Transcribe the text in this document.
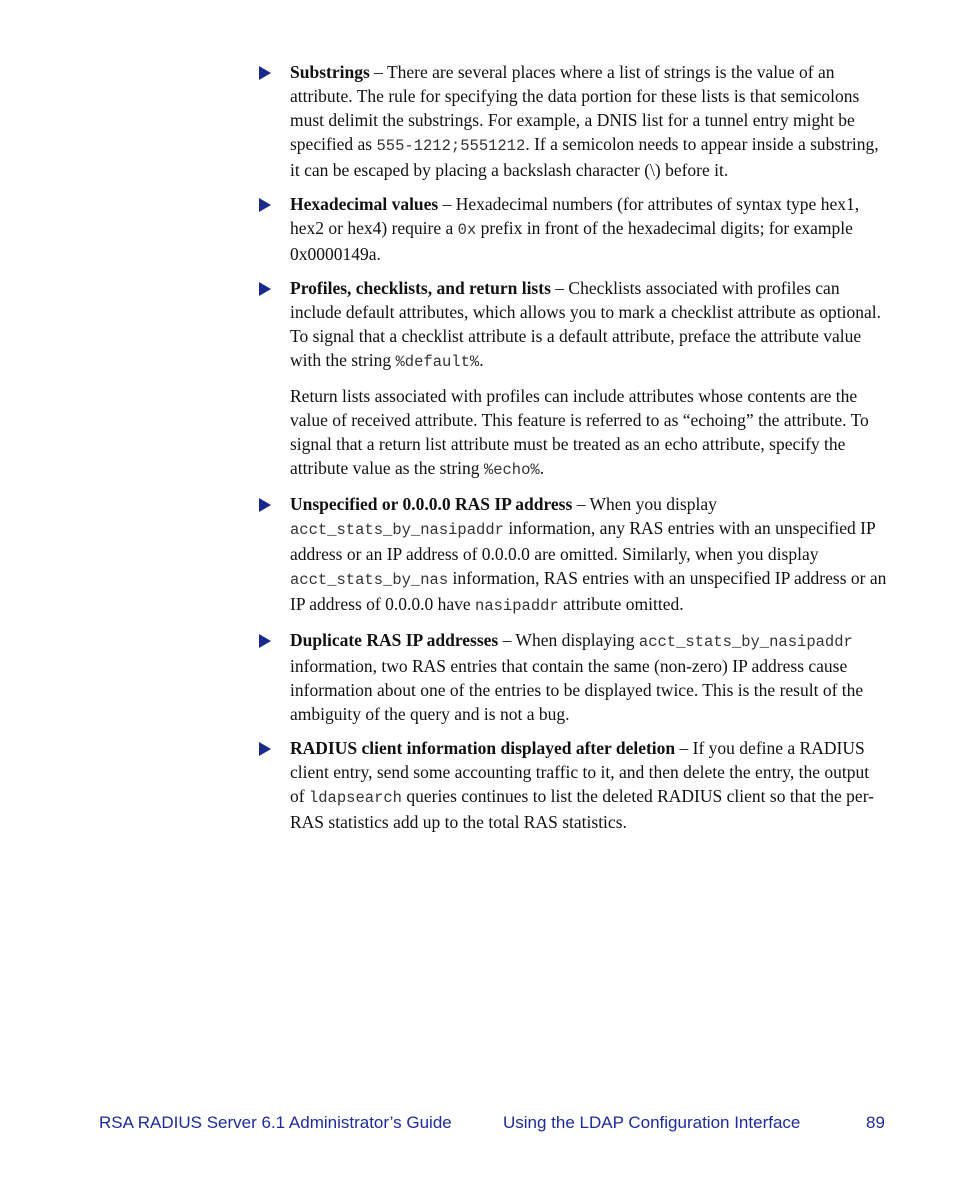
Substrings – There are several places where a list of strings is the value of an attribute. The rule for specifying the data portion for these lists is that semicolons must delimit the substrings. For example, a DNIS list for a tunnel entry might be specified as 555-1212;5551212. If a semicolon needs to appear inside a substring, it can be escaped by placing a backslash character (\) before it.

Hexadecimal values – Hexadecimal numbers (for attributes of syntax type hex1, hex2 or hex4) require a 0x prefix in front of the hexadecimal digits; for example 0x0000149a.

Profiles, checklists, and return lists – Checklists associated with profiles can include default attributes, which allows you to mark a checklist attribute as optional. To signal that a checklist attribute is a default attribute, preface the attribute value with the string %default%.

Return lists associated with profiles can include attributes whose contents are the value of received attribute. This feature is referred to as “echoing” the attribute. To signal that a return list attribute must be treated as an echo attribute, specify the attribute value as the string %echo%.

Unspecified or 0.0.0.0 RAS IP address – When you display acct_stats_by_nasipaddr information, any RAS entries with an unspecified IP address or an IP address of 0.0.0.0 are omitted. Similarly, when you display acct_stats_by_nas information, RAS entries with an unspecified IP address or an IP address of 0.0.0.0 have nasipaddr attribute omitted.

Duplicate RAS IP addresses – When displaying acct_stats_by_nasipaddr information, two RAS entries that contain the same (non-zero) IP address cause information about one of the entries to be displayed twice. This is the result of the ambiguity of the query and is not a bug.

RADIUS client information displayed after deletion – If you define a RADIUS client entry, send some accounting traffic to it, and then delete the entry, the output of ldapsearch queries continues to list the deleted RADIUS client so that the per-RAS statistics add up to the total RAS statistics.

RSA RADIUS Server 6.1 Administrator’s Guide	Using the LDAP Configuration Interface	89
